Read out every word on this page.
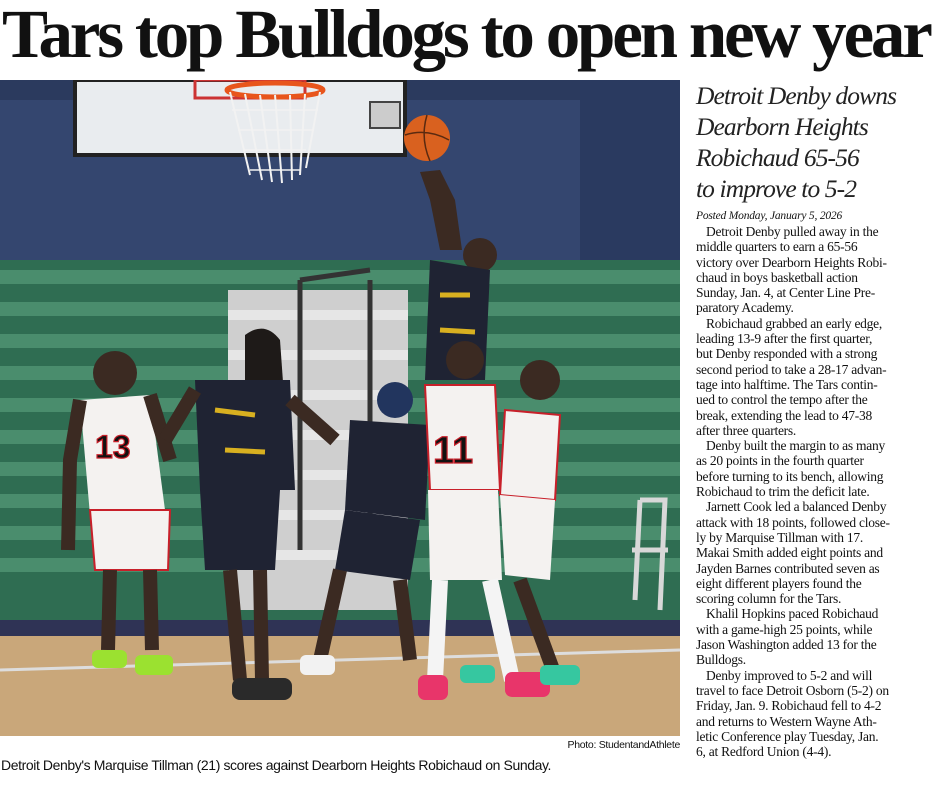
Tars top Bulldogs to open new year
13	11
Photo: StudentandAthlete
Detroit Denby's Marquise Tillman (21) scores against Dearborn Heights Robichaud on Sunday.
Detroit Denby downs
Dearborn Heights
Robichaud 65-56
to improve to 5-2
Posted Monday, January 5, 2026
Detroit Denby pulled away in the
middle quarters to earn a 65-56
victory over Dearborn Heights Robi-
chaud in boys basketball action
Sunday, Jan. 4, at Center Line Pre-
paratory Academy.
Robichaud grabbed an early edge,
leading 13-9 after the first quarter,
but Denby responded with a strong
second period to take a 28-17 advan-
tage into halftime. The Tars contin-
ued to control the tempo after the
break, extending the lead to 47-38
after three quarters.
Denby built the margin to as many
as 20 points in the fourth quarter
before turning to its bench, allowing
Robichaud to trim the deficit late.
Jarnett Cook led a balanced Denby
attack with 18 points, followed close-
ly by Marquise Tillman with 17.
Makai Smith added eight points and
Jayden Barnes contributed seven as
eight different players found the
scoring column for the Tars.
Khalil Hopkins paced Robichaud
with a game-high 25 points, while
Jason Washington added 13 for the
Bulldogs.
Denby improved to 5-2 and will
travel to face Detroit Osborn (5-2) on
Friday, Jan. 9. Robichaud fell to 4-2
and returns to Western Wayne Ath-
letic Conference play Tuesday, Jan.
6, at Redford Union (4-4).
